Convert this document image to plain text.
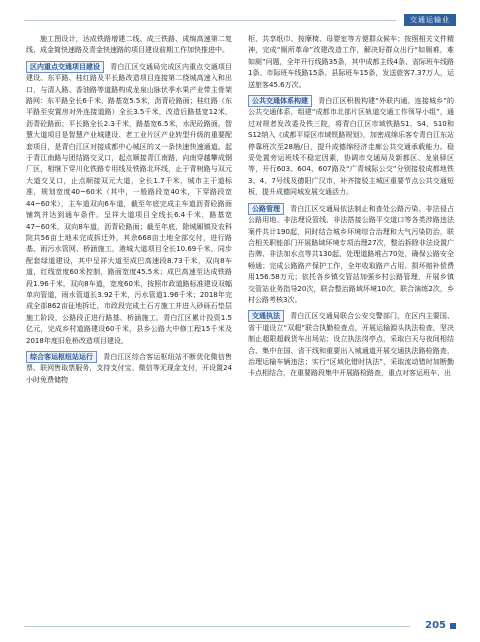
交通运输业

施工图设计，达成铁路增建二线、成三铁路、成绵高速第二复线、成金简快速路及青金快速路的项目建设前期工作加快推进中。

区内重点交通项目建设 青白江区交通局完成区内重点交通项目建设。东平路、桂红路及平长路改造项目连接第二绕城高速入和出口，与清人路、香油路等道路构成龙泉山脉伏季水果产业带主骨架路网：东平路全长6千米，路基宽5.5米，沥青砼路面；桂红路（东平路至安置房对外连接道路）全长3.5千米，改造后路基宽12米，沥青砼路面；平长路全长2.3千米，路基宽6.5米，水泥砼路面。智慧大道项目是智慧产业城建设、老工业片区产业转型升级的重要配套项目，是青白江区对接成都中心城区的又一条快速快速通道。起于青江南路与团结路交叉口，起点顺接青江南路，向南穿越攀成钢厂区，相继下穿川化铁路专用线及铁路北环线，止于青树路与双元大道交叉口，止点顺接双元大道，全长1.7千米，城市主干道标准，规划宽度40~60米（其中，一般路段宽40米，下穿路段宽44~60米），主车道双向6车道，截至年底完成主车道沥青砼路面铺筑并达到通车条件。呈祥大道项目全线长6.4千米，路基宽47~60米，双向8车道，沥青砼路面；截至年底，除城厢镇及农科院共56亩土地未完成拆迁外，其余668亩土地全部交付，进行路基、雨污水管网、桥涵施工，港城大道项目全长10.69千米，同步配套绿道建设，其中呈祥大道至成巴高速段8.73千米，双向8车道，红线宽度60米控制，路面宽度45.5米；成巴高速至达成铁路段1.96千米，双向8车道，宽度60米，按照市政道路标准建设双幅单向管道，雨水管道长3.92千米，污水管道1.96千米；2018年完成全部862亩征地拆迁，市政段完成土石方施工并进入砂砾石垫层施工阶段，公路段正进行路基、桥涵施工。青白江区累计投资1.5亿元，完成乡村道路建设60千米，县乡公路大中修工程15千米及2018年度旧危桥改造项目建设。

综合客运枢纽站运行 青白江区综合客运枢纽站不断优化微信售票、联网售取票服务，支持支付宝、微信等无现金支付，开设置24小时免费储物

柜、共享纸巾、按摩椅、母婴室等方便群众候车；按照相关文件精神，完成“厕所革命”改建改造工作，解决好群众出行“如厕难，难如厕”问题，全年开行线路35条，其中成都主线4条、省际班车线路1条、市际班车线路15条、县际班车15条，发送旅客7.37万人，运送旅客45.6万次。

公共交通体系构建 青白江区积极构建“外联内通、连接城乡”的公共交通体系，组建“成都市北部片区轨道交通工作领导小组”，通过对规者发改委及铁三院，将青白江区市域铁路S1、S4、S10和S12纳入《成都平原区市域铁路规划》，加密成绵乐客专青白江东站停靠班次至28趟/日，提升成德绵经济走廊公共交通承载能力。稳妥处置旁运班线不稳定因素，协调市交通局及新都区、龙泉驿区等，开行603、604、607路及“广青城际公交”分别接驳成都地铁3、4、7号线及德阳广汉市，补齐接驳主城区重要节点公共交通短板，提升成德同城发展交通活力。

公路管理 青白江区交通局依法制止和查处公路污染、非法侵占公路用地、非法埋设管线、非法搭接公路平交道口等各类涉路违法案件共计190起，同时结合城乡环境综合治理和大气污染防治，联合相关职能部门开展路域环境专项治理27次，整治拆除非法设置广告牌、非法加水点等共130起，处理道路堆占70处，确保公路安全畅通；完成公路路产保护工作，全年收取路产占用、损坏赔补偿费用156.58万元；依托各乡镇交管站加强乡村公路管理，开展乡镇交管站业务指导20次，联合整治路域环境10次，联合演练2次，乡村公路考核3次。

交通执法 青白江区交通局联合公安交警部门，在区内主要国、省干道设立“双超”联合执勤检查点，开展运输源头执法检查，坚决制止超限超载货车出场站；设立执法岗亭点，采取白天与夜间相结合、集中在国、省干线和重要出入城通道开展交通执法路检路查，治理运输车辆违法；实行“区域化错时执法”，采取流动错时加断勤卡点相结合，在重要路段集中开展路检路查，重点对客运班车、出

205
